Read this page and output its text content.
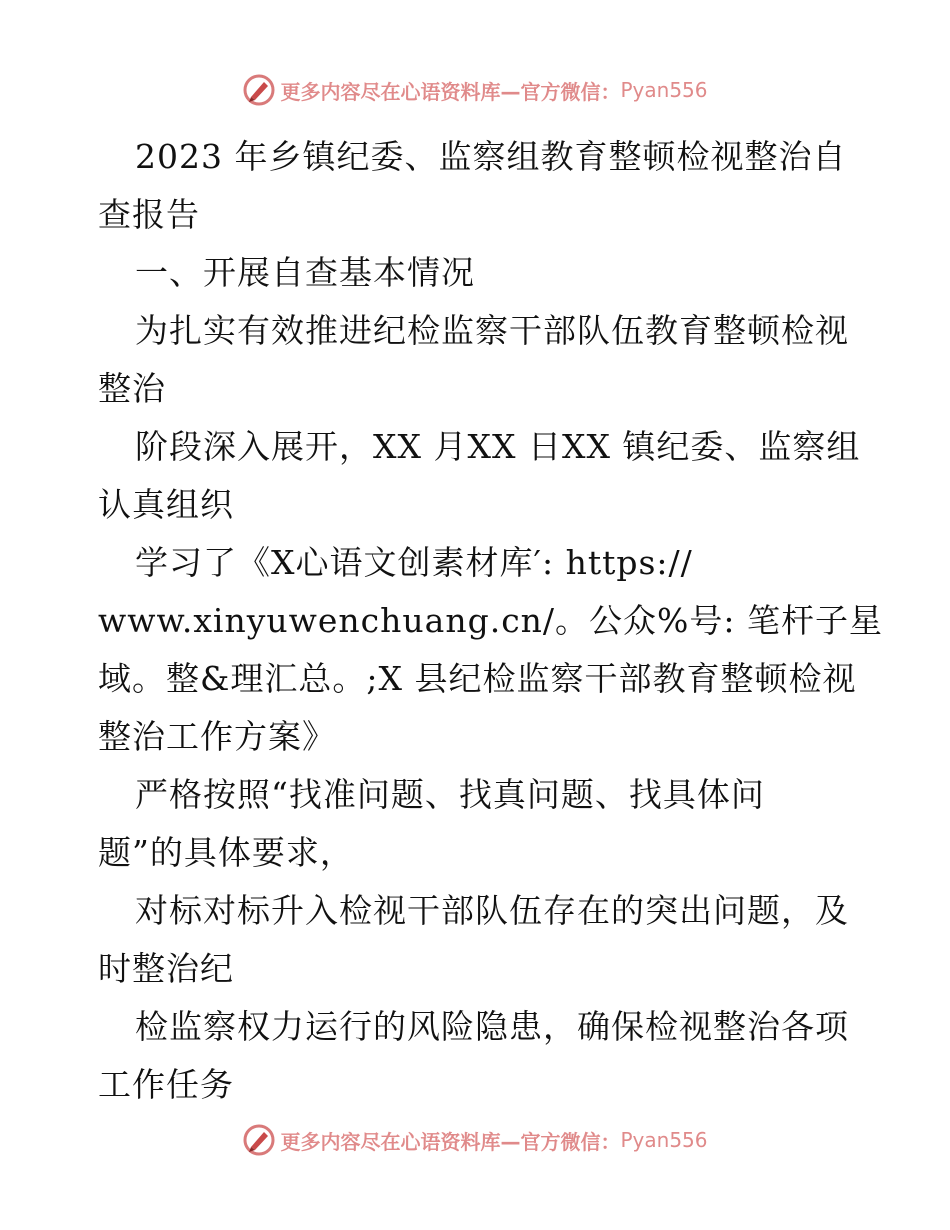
更多内容尽在心语资料库—官方微信： Pyan556
2023 年乡镇纪委、监察组教育整顿检视整治自
查报告
一、开展自查基本情况
为扎实有效推进纪检监察干部队伍教育整顿检视
整治
阶段深入展开，XX 月XX 日XX 镇纪委、监察组
认真组织
学习了《X心语文创素材库′: https://
www.xinyuwenchuang.cn/。公众%号: 笔杆子星
域。整&理汇总。;X 县纪检监察干部教育整顿检视
整治工作方案》
严格按照“找准问题、找真问题、找具体问
题”的具体要求，
对标对标升入检视干部队伍存在的突出问题，及
时整治纪
检监察权力运行的风险隐患，确保检视整治各项
工作任务
更多内容尽在心语资料库—官方微信： Pyan556
